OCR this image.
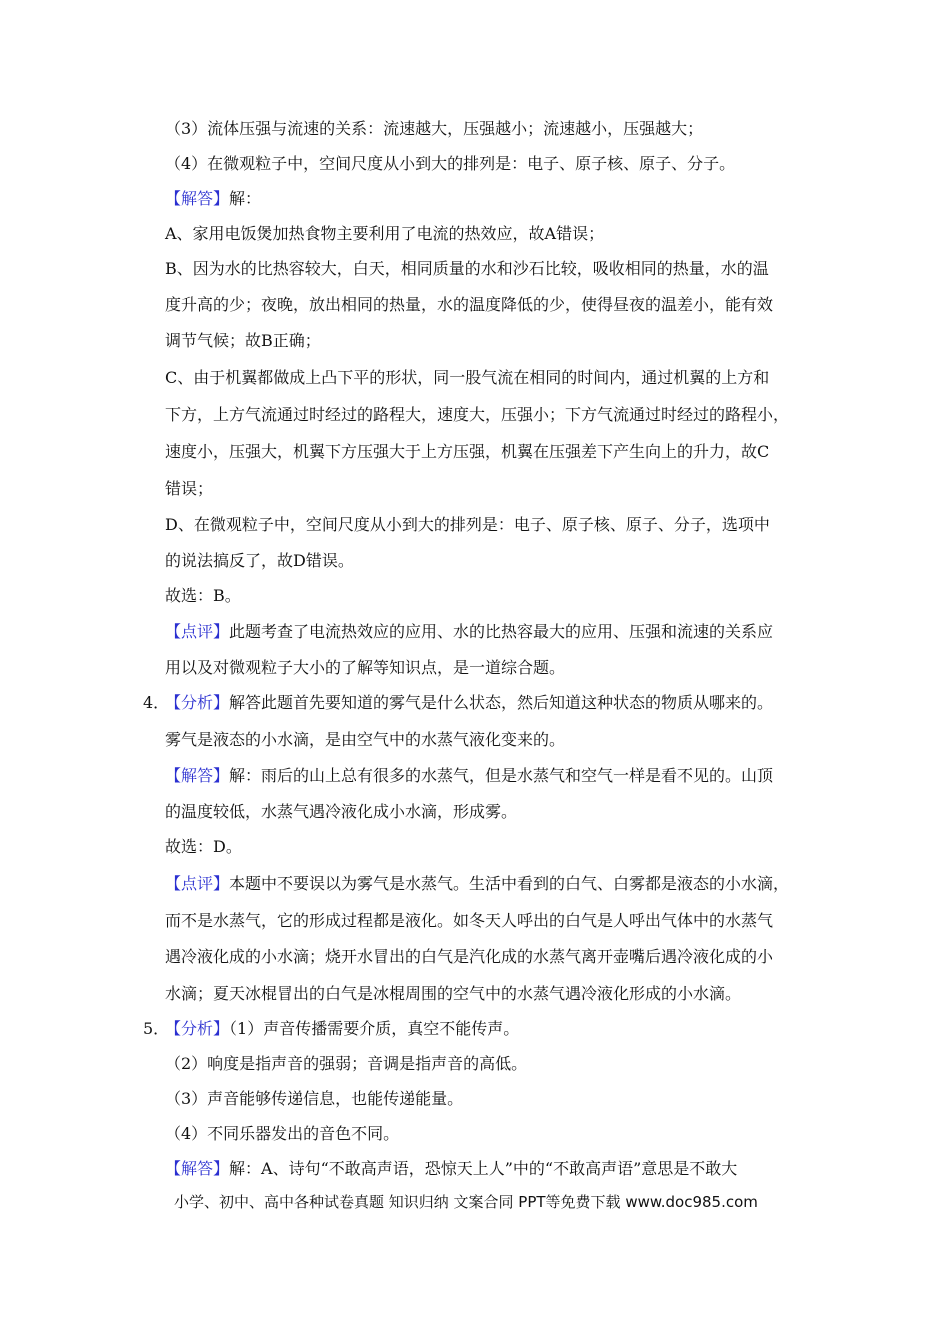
（3）流体压强与流速的关系：流速越大，压强越小；流速越小，压强越大；
（4）在微观粒子中，空间尺度从小到大的排列是：电子、原子核、原子、分子。
【解答】解：
A、家用电饭煲加热食物主要利用了电流的热效应，故A错误；
B、因为水的比热容较大，白天，相同质量的水和沙石比较，吸收相同的热量，水的温
度升高的少；夜晚，放出相同的热量，水的温度降低的少，使得昼夜的温差小，能有效
调节气候；故B正确；
C、由于机翼都做成上凸下平的形状，同一股气流在相同的时间内，通过机翼的上方和
下方，上方气流通过时经过的路程大，速度大，压强小；下方气流通过时经过的路程小，
速度小，压强大，机翼下方压强大于上方压强，机翼在压强差下产生向上的升力，故C
错误；
D、在微观粒子中，空间尺度从小到大的排列是：电子、原子核、原子、分子，选项中
的说法搞反了，故D错误。
故选：B。
【点评】此题考查了电流热效应的应用、水的比热容最大的应用、压强和流速的关系应
用以及对微观粒子大小的了解等知识点，是一道综合题。
4．
【分析】解答此题首先要知道的雾气是什么状态，然后知道这种状态的物质从哪来的。
雾气是液态的小水滴，是由空气中的水蒸气液化变来的。
【解答】解：雨后的山上总有很多的水蒸气，但是水蒸气和空气一样是看不见的。山顶
的温度较低，水蒸气遇冷液化成小水滴，形成雾。
故选：D。
【点评】本题中不要误以为雾气是水蒸气。生活中看到的白气、白雾都是液态的小水滴，
而不是水蒸气，它的形成过程都是液化。如冬天人呼出的白气是人呼出气体中的水蒸气
遇冷液化成的小水滴；烧开水冒出的白气是汽化成的水蒸气离开壶嘴后遇冷液化成的小
水滴；夏天冰棍冒出的白气是冰棍周围的空气中的水蒸气遇冷液化形成的小水滴。
5．
【分析】（1）声音传播需要介质，真空不能传声。
（2）响度是指声音的强弱；音调是指声音的高低。
（3）声音能够传递信息，也能传递能量。
（4）不同乐器发出的音色不同。
【解答】解：A、诗句“不敢高声语，恐惊天上人”中的“不敢高声语”意思是不敢大
小学、初中、高中各种试卷真题 知识归纳 文案合同 PPT等免费下载 www.doc985.com
